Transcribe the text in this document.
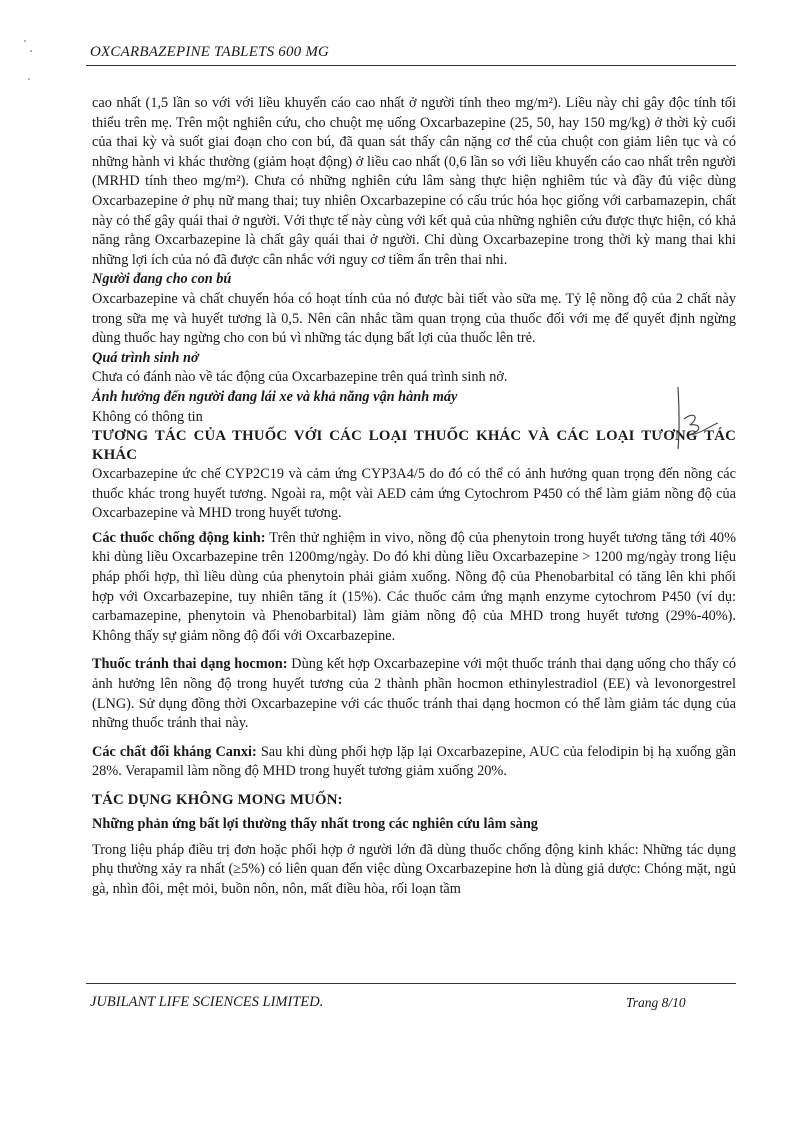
OXCARBAZEPINE TABLETS 600 MG

cao nhất (1,5 lần so với với liều khuyến cáo cao nhất ở người tính theo mg/m²). Liều này chỉ gây độc tính tối thiểu trên mẹ. Trên một nghiên cứu, cho chuột mẹ uống Oxcarbazepine (25, 50, hay 150 mg/kg) ở thời kỳ cuối của thai kỳ và suốt giai đoạn cho con bú, đã quan sát thấy cân nặng cơ thể của chuột con giảm liên tục và có những hành vi khác thường (giảm hoạt động) ở liều cao nhất (0,6 lần so với liều khuyến cáo cao nhất trên người (MRHD tính theo mg/m²). Chưa có những nghiên cứu lâm sàng thực hiện nghiêm túc và đầy đủ việc dùng Oxcarbazepine ở phụ nữ mang thai; tuy nhiên Oxcarbazepine có cấu trúc hóa học giống với carbamazepin, chất này có thể gây quái thai ở người. Với thực tế này cùng với kết quả của những nghiên cứu được thực hiện, có khả năng rằng Oxcarbazepine là chất gây quái thai ở người. Chỉ dùng Oxcarbazepine trong thời kỳ mang thai khi những lợi ích của nó đã được cân nhắc với nguy cơ tiềm ẩn trên thai nhi.

Người đang cho con bú

Oxcarbazepine và chất chuyển hóa có hoạt tính của nó được bài tiết vào sữa mẹ. Tỷ lệ nồng độ của 2 chất này trong sữa mẹ và huyết tương là 0,5. Nên cân nhắc tầm quan trọng của thuốc đối với mẹ để quyết định ngừng dùng thuốc hay ngừng cho con bú vì những tác dụng bất lợi của thuốc lên trẻ.

Quá trình sinh nở

Chưa có đánh nào về tác động của Oxcarbazepine trên quá trình sinh nở.

Ảnh hưởng đến người đang lái xe và khả năng vận hành máy

Không có thông tin

TƯƠNG TÁC CỦA THUỐC VỚI CÁC LOẠI THUỐC KHÁC VÀ CÁC LOẠI TƯƠNG TÁC KHÁC

Oxcarbazepine ức chế CYP2C19 và cảm ứng CYP3A4/5 do đó có thể có ảnh hưởng quan trọng đến nồng các thuốc khác trong huyết tương. Ngoài ra, một vài AED cảm ứng Cytochrom P450 có thể làm giảm nồng độ của Oxcarbazepine và MHD trong huyết tương.

Các thuốc chống động kinh: Trên thử nghiệm in vivo, nồng độ của phenytoin trong huyết tương tăng tới 40% khi dùng liều Oxcarbazepine trên 1200mg/ngày. Do đó khi dùng liều Oxcarbazepine > 1200 mg/ngày trong liệu pháp phối hợp, thì liều dùng của phenytoin phải giảm xuống. Nồng độ của Phenobarbital có tăng lên khi phối hợp với Oxcarbazepine, tuy nhiên tăng ít (15%). Các thuốc cảm ứng mạnh enzyme cytochrom P450 (ví dụ: carbamazepine, phenytoin và Phenobarbital) làm giảm nồng độ của MHD trong huyết tương (29%-40%). Không thấy sự giảm nồng độ đối với Oxcarbazepine.

Thuốc tránh thai dạng hocmon: Dùng kết hợp Oxcarbazepine với một thuốc tránh thai dạng uống cho thấy có ảnh hưởng lên nồng độ trong huyết tương của 2 thành phần hocmon ethinylestradiol (EE) và levonorgestrel (LNG). Sử dụng đồng thời Oxcarbazepine với các thuốc tránh thai dạng hocmon có thể làm giảm tác dụng của những thuốc tránh thai này.

Các chất đối kháng Canxi: Sau khi dùng phối hợp lặp lại Oxcarbazepine, AUC của felodipin bị hạ xuống gần 28%. Verapamil làm nồng độ MHD trong huyết tương giảm xuống 20%.

TÁC DỤNG KHÔNG MONG MUỐN:

Những phản ứng bất lợi thường thấy nhất trong các nghiên cứu lâm sàng

Trong liệu pháp điều trị đơn hoặc phối hợp ở người lớn đã dùng thuốc chống động kinh khác: Những tác dụng phụ thường xảy ra nhất (≥5%) có liên quan đến việc dùng Oxcarbazepine hơn là dùng giả dược: Chóng mặt, ngủ gà, nhìn đôi, mệt mỏi, buồn nôn, nôn, mất điều hòa, rối loạn tầm

JUBILANT LIFE SCIENCES LIMITED.	Trang 8/10
